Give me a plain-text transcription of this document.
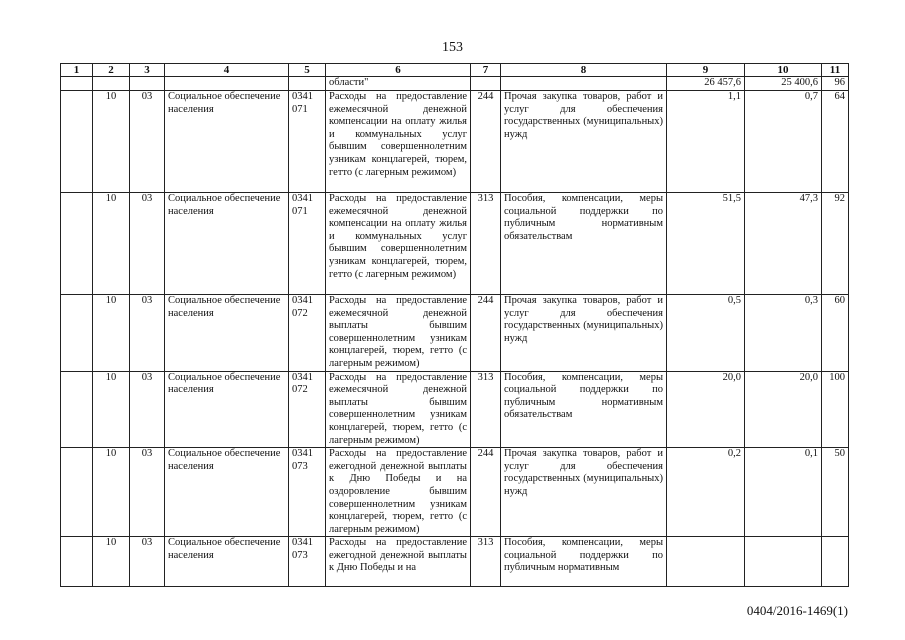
153
1	2	3	4	5	6	7	8	9	10	11
					области"			26 457,6	25 400,6	96
	10	03	Социальное обеспечение населения	0341 071	Расходы на предоставление ежемесячной денежной компенсации на оплату жилья и коммунальных услуг бывшим совершеннолетним узникам концлагерей, тюрем, гетто (с лагерным режимом)	244	Прочая закупка товаров, работ и услуг для обеспечения государственных (муниципальных) нужд	1,1	0,7	64
	10	03	Социальное обеспечение населения	0341 071	Расходы на предоставление ежемесячной денежной компенсации на оплату жилья и коммунальных услуг бывшим совершеннолетним узникам концлагерей, тюрем, гетто (с лагерным режимом)	313	Пособия, компенсации, меры социальной поддержки по публичным нормативным обязательствам	51,5	47,3	92
	10	03	Социальное обеспечение населения	0341 072	Расходы на предоставление ежемесячной денежной выплаты бывшим совершеннолетним узникам концлагерей, тюрем, гетто (с лагерным режимом)	244	Прочая закупка товаров, работ и услуг для обеспечения государственных (муниципальных) нужд	0,5	0,3	60
	10	03	Социальное обеспечение населения	0341 072	Расходы на предоставление ежемесячной денежной выплаты бывшим совершеннолетним узникам концлагерей, тюрем, гетто (с лагерным режимом)	313	Пособия, компенсации, меры социальной поддержки по публичным нормативным обязательствам	20,0	20,0	100
	10	03	Социальное обеспечение населения	0341 073	Расходы на предоставление ежегодной денежной выплаты к Дню Победы и на оздоровление бывшим совершеннолетним узникам концлагерей, тюрем, гетто (с лагерным режимом)	244	Прочая закупка товаров, работ и услуг для обеспечения государственных (муниципальных) нужд	0,2	0,1	50
	10	03	Социальное обеспечение населения	0341 073	Расходы на предоставление ежегодной денежной выплаты к Дню Победы и на	313	Пособия, компенсации, меры социальной поддержки по публичным нормативным			
0404/2016-1469(1)
